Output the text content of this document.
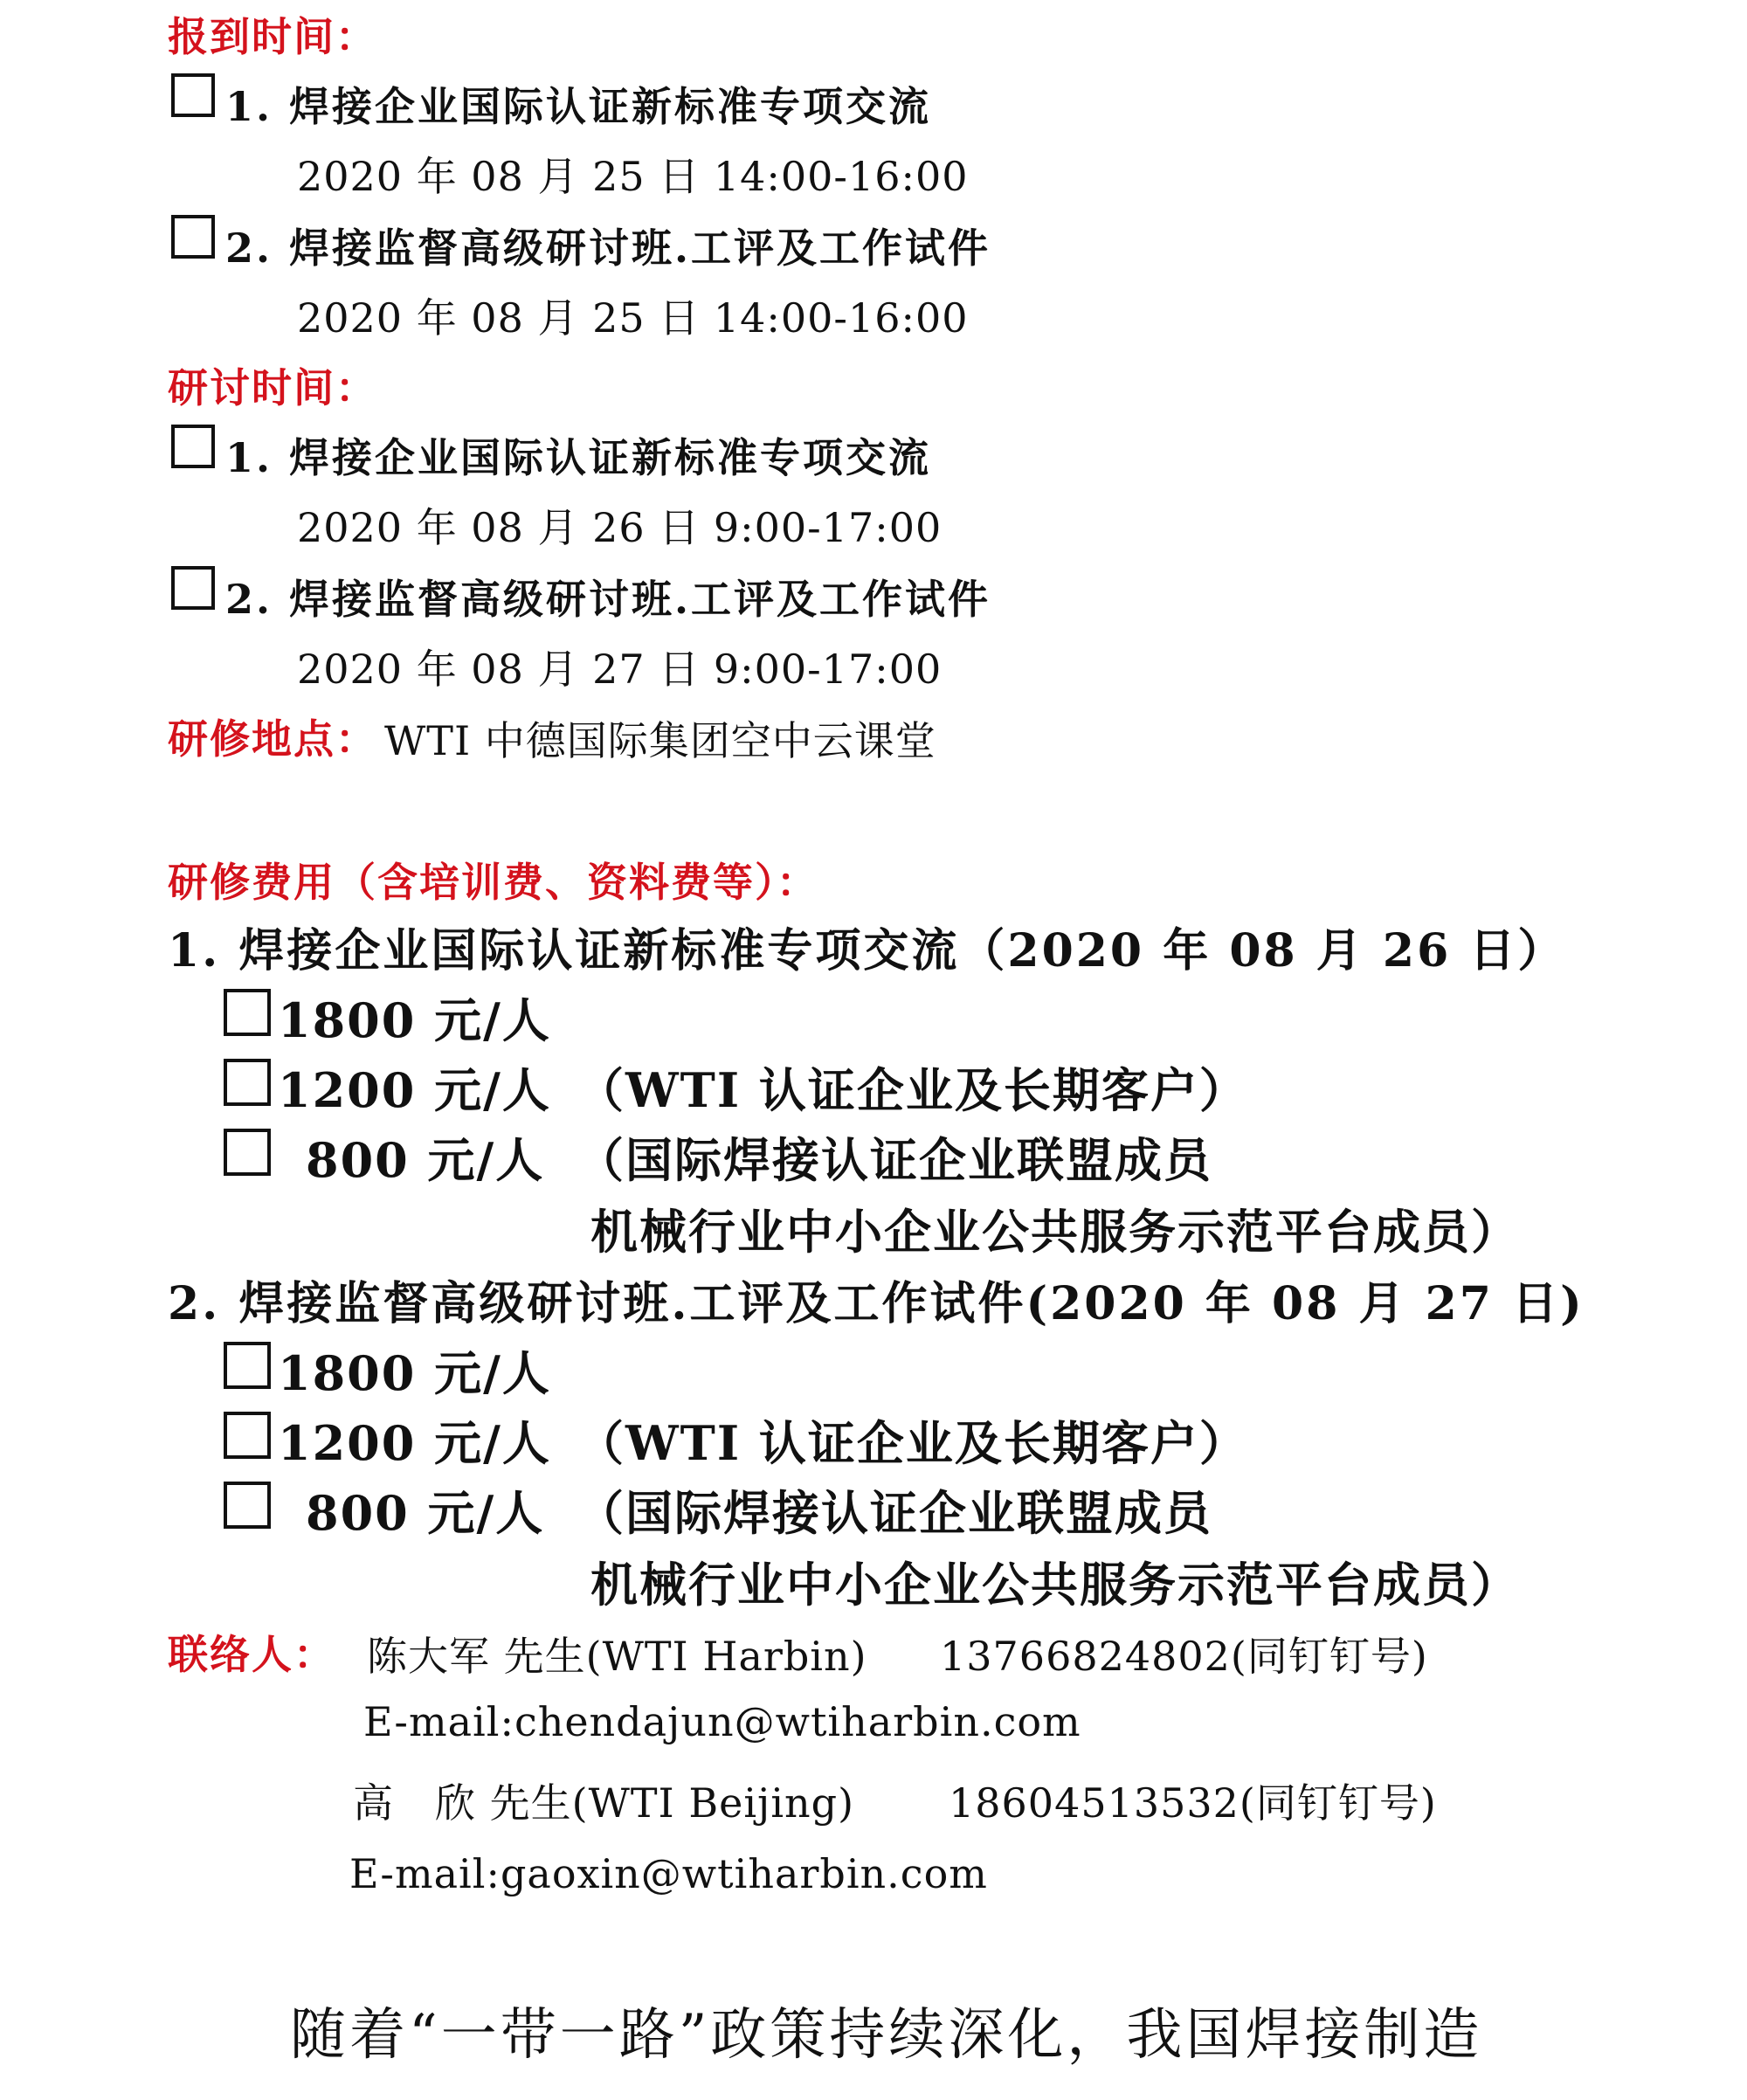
报到时间：
1. 焊接企业国际认证新标准专项交流
2020 年 08 月 25 日 14:00-16:00
2. 焊接监督高级研讨班.工评及工作试件
2020 年 08 月 25 日 14:00-16:00
研讨时间：
1. 焊接企业国际认证新标准专项交流
2020 年 08 月 26 日 9:00-17:00
2. 焊接监督高级研讨班.工评及工作试件
2020 年 08 月 27 日 9:00-17:00
研修地点： WTI 中德国际集团空中云课堂
研修费用（含培训费、资料费等）：
1. 焊接企业国际认证新标准专项交流（2020 年 08 月 26 日）
1800 元/人
1200 元/人 （WTI 认证企业及长期客户）
800 元/人 （国际焊接认证企业联盟成员
机械行业中小企业公共服务示范平台成员）
2. 焊接监督高级研讨班.工评及工作试件(2020 年 08 月 27 日)
1800 元/人
1200 元/人 （WTI 认证企业及长期客户）
800 元/人 （国际焊接认证企业联盟成员
机械行业中小企业公共服务示范平台成员）
联络人： 陈大军 先生(WTI Harbin) 13766824802(同钉钉号)
E-mail:chendajun@wtiharbin.com
高　欣 先生(WTI Beijing) 18604513532(同钉钉号)
E-mail:gaoxin@wtiharbin.com
随着“一带一路”政策持续深化，我国焊接制造
